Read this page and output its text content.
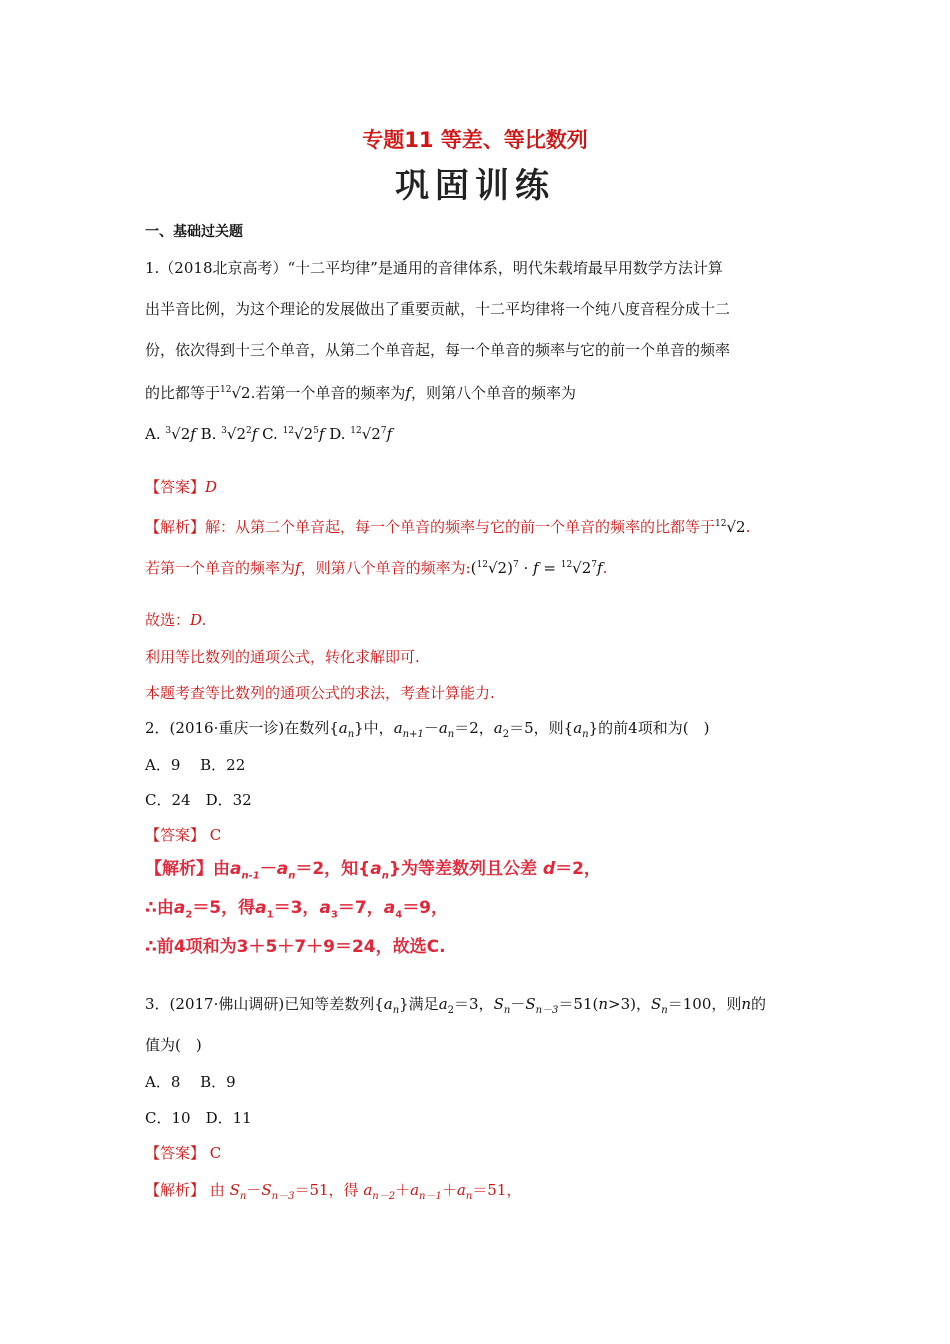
专题11 等差、等比数列
巩固训练
一、基础过关题
1.（2018北京高考）“十二平均律”是通用的音律体系，明代朱载堉最早用数学方法计算
出半音比例，为这个理论的发展做出了重要贡献，十二平均律将一个纯八度音程分成十二
份，依次得到十三个单音，从第二个单音起，每一个单音的频率与它的前一个单音的频率
的比都等于$^{12}$√2.若第一个单音的频率为f，则第八个单音的频率为
A. $^3$√2f B. $^3√2^2f$ C. $^{12}√2^5f$ D. $^{12}√2^7f$
【答案】D
【解析】解：从第二个单音起，每一个单音的频率与它的前一个单音的频率的比都等于$^{12}$√2.
若第一个单音的频率为f，则第八个单音的频率为$:(^{12}√2)^7 \cdot f = ^{12}√2^7f$.
故选：D.
利用等比数列的通项公式，转化求解即可.
本题考查等比数列的通项公式的求法，考查计算能力.
2．(2016·重庆一诊)在数列$\{a_n\}$中，$a_{n+1}-a_n=2$，$a_2=5$，则$\{a_n\}$的前4项和为(　)
A．9　 B．22
C．24　D．32
【答案】 C
【解析】由$a_{n-1}-a_n=2$，知$\{a_n\}$为等差数列且公差 d＝2，
∴由$a_2=5$，得$a_1=3$，$a_3=7$，$a_4=9$，
∴前4项和为3＋5＋7＋9＝24，故选C.
3．(2017·佛山调研)已知等差数列$\{a_n\}$满足$a_2=3$，$S_n-S_{n-3}=51(n>3)$，$S_n=100$，则n的
值为(　)
A．8　 B．9
C．10　D．11
【答案】 C
【解析】 由 $S_n-S_{n-3}=51$，得 $a_{n-2}+a_{n-1}+a_n=51$，
